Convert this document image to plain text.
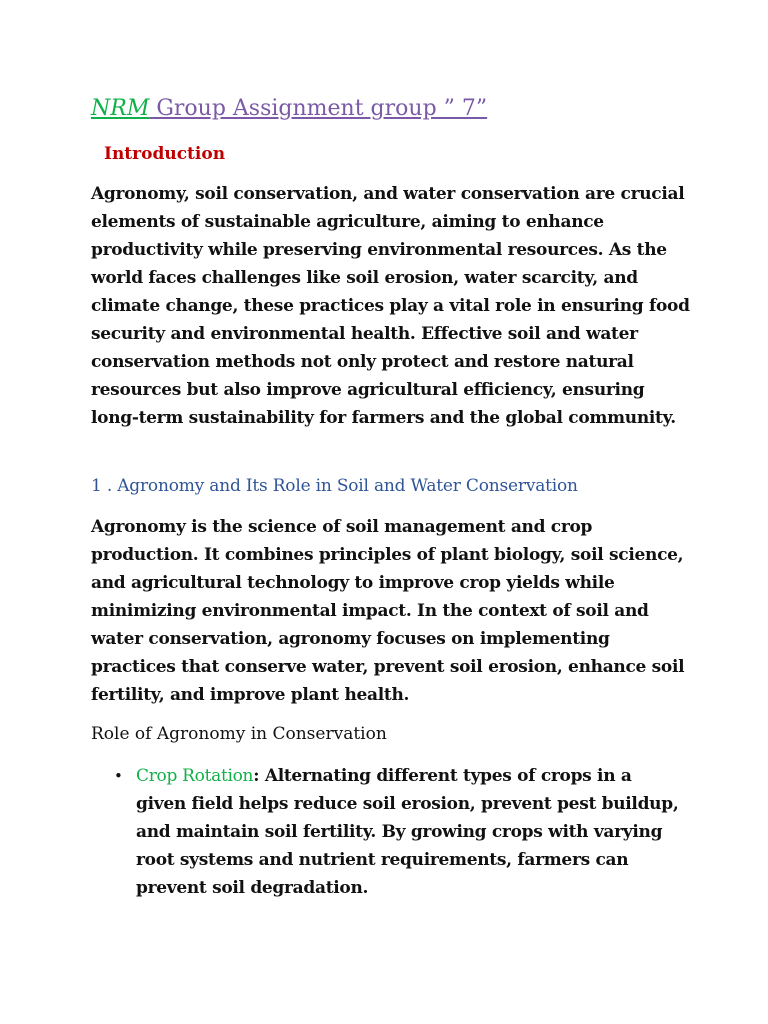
NRM Group Assignment group ” 7”
Introduction

Agronomy, soil conservation, and water conservation are crucial elements of sustainable agriculture, aiming to enhance productivity while preserving environmental resources. As the world faces challenges like soil erosion, water scarcity, and climate change, these practices play a vital role in ensuring food security and environmental health. Effective soil and water conservation methods not only protect and restore natural resources but also improve agricultural efficiency, ensuring long-term sustainability for farmers and the global community.

1 . Agronomy and Its Role in Soil and Water Conservation

Agronomy is the science of soil management and crop production. It combines principles of plant biology, soil science, and agricultural technology to improve crop yields while minimizing environmental impact. In the context of soil and water conservation, agronomy focuses on implementing practices that conserve water, prevent soil erosion, enhance soil fertility, and improve plant health.

Role of Agronomy in Conservation
• Crop Rotation: Alternating different types of crops in a given field helps reduce soil erosion, prevent pest buildup, and maintain soil fertility. By growing crops with varying root systems and nutrient requirements, farmers can prevent soil degradation.
